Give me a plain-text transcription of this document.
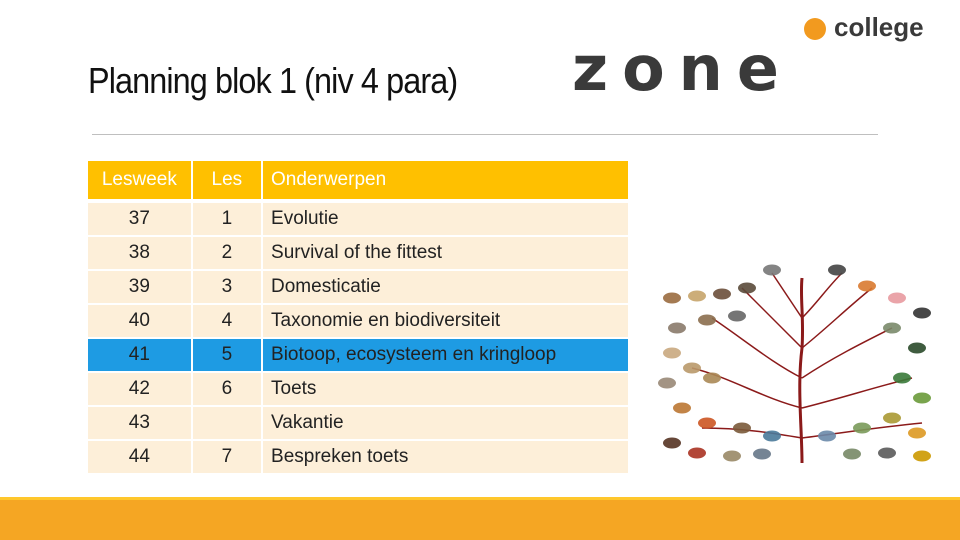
Planning blok 1 (niv 4 para) zone
college
Lesweek	Les	Onderwerpen
37	1	Evolutie
38	2	Survival of the fittest
39	3	Domesticatie
40	4	Taxonomie en biodiversiteit
41	5	Biotoop, ecosysteem en kringloop
42	6	Toets
43		Vakantie
44	7	Bespreken toets
